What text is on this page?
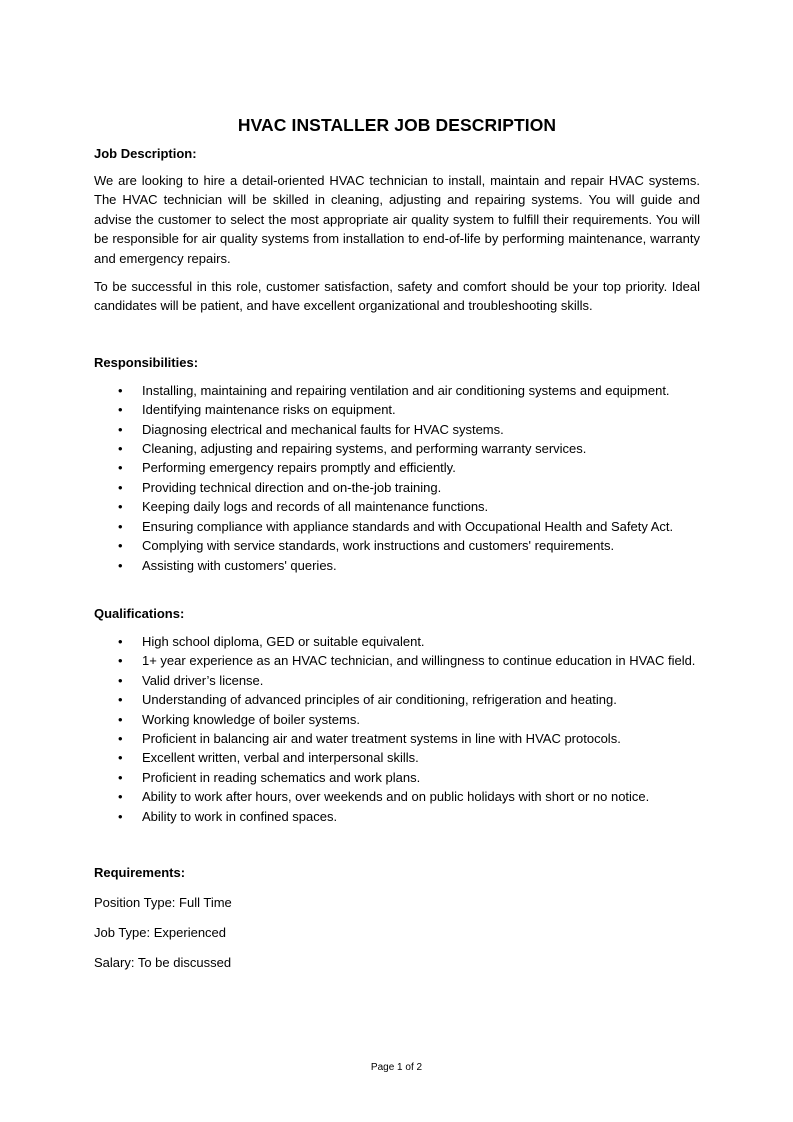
HVAC INSTALLER JOB DESCRIPTION
Job Description:

We are looking to hire a detail-oriented HVAC technician to install, maintain and repair HVAC systems. The HVAC technician will be skilled in cleaning, adjusting and repairing systems. You will guide and advise the customer to select the most appropriate air quality system to fulfill their requirements. You will be responsible for air quality systems from installation to end-of-life by performing maintenance, warranty and emergency repairs.

To be successful in this role, customer satisfaction, safety and comfort should be your top priority. Ideal candidates will be patient, and have excellent organizational and troubleshooting skills.

Responsibilities:
• Installing, maintaining and repairing ventilation and air conditioning systems and equipment.
• Identifying maintenance risks on equipment.
• Diagnosing electrical and mechanical faults for HVAC systems.
• Cleaning, adjusting and repairing systems, and performing warranty services.
• Performing emergency repairs promptly and efficiently.
• Providing technical direction and on-the-job training.
• Keeping daily logs and records of all maintenance functions.
• Ensuring compliance with appliance standards and with Occupational Health and Safety Act.
• Complying with service standards, work instructions and customers' requirements.
• Assisting with customers' queries.
Qualifications:
• High school diploma, GED or suitable equivalent.
• 1+ year experience as an HVAC technician, and willingness to continue education in HVAC field.
• Valid driver’s license.
• Understanding of advanced principles of air conditioning, refrigeration and heating.
• Working knowledge of boiler systems.
• Proficient in balancing air and water treatment systems in line with HVAC protocols.
• Excellent written, verbal and interpersonal skills.
• Proficient in reading schematics and work plans.
• Ability to work after hours, over weekends and on public holidays with short or no notice.
• Ability to work in confined spaces.
Requirements:

Position Type: Full Time

Job Type: Experienced

Salary: To be discussed

Page 1 of 2
